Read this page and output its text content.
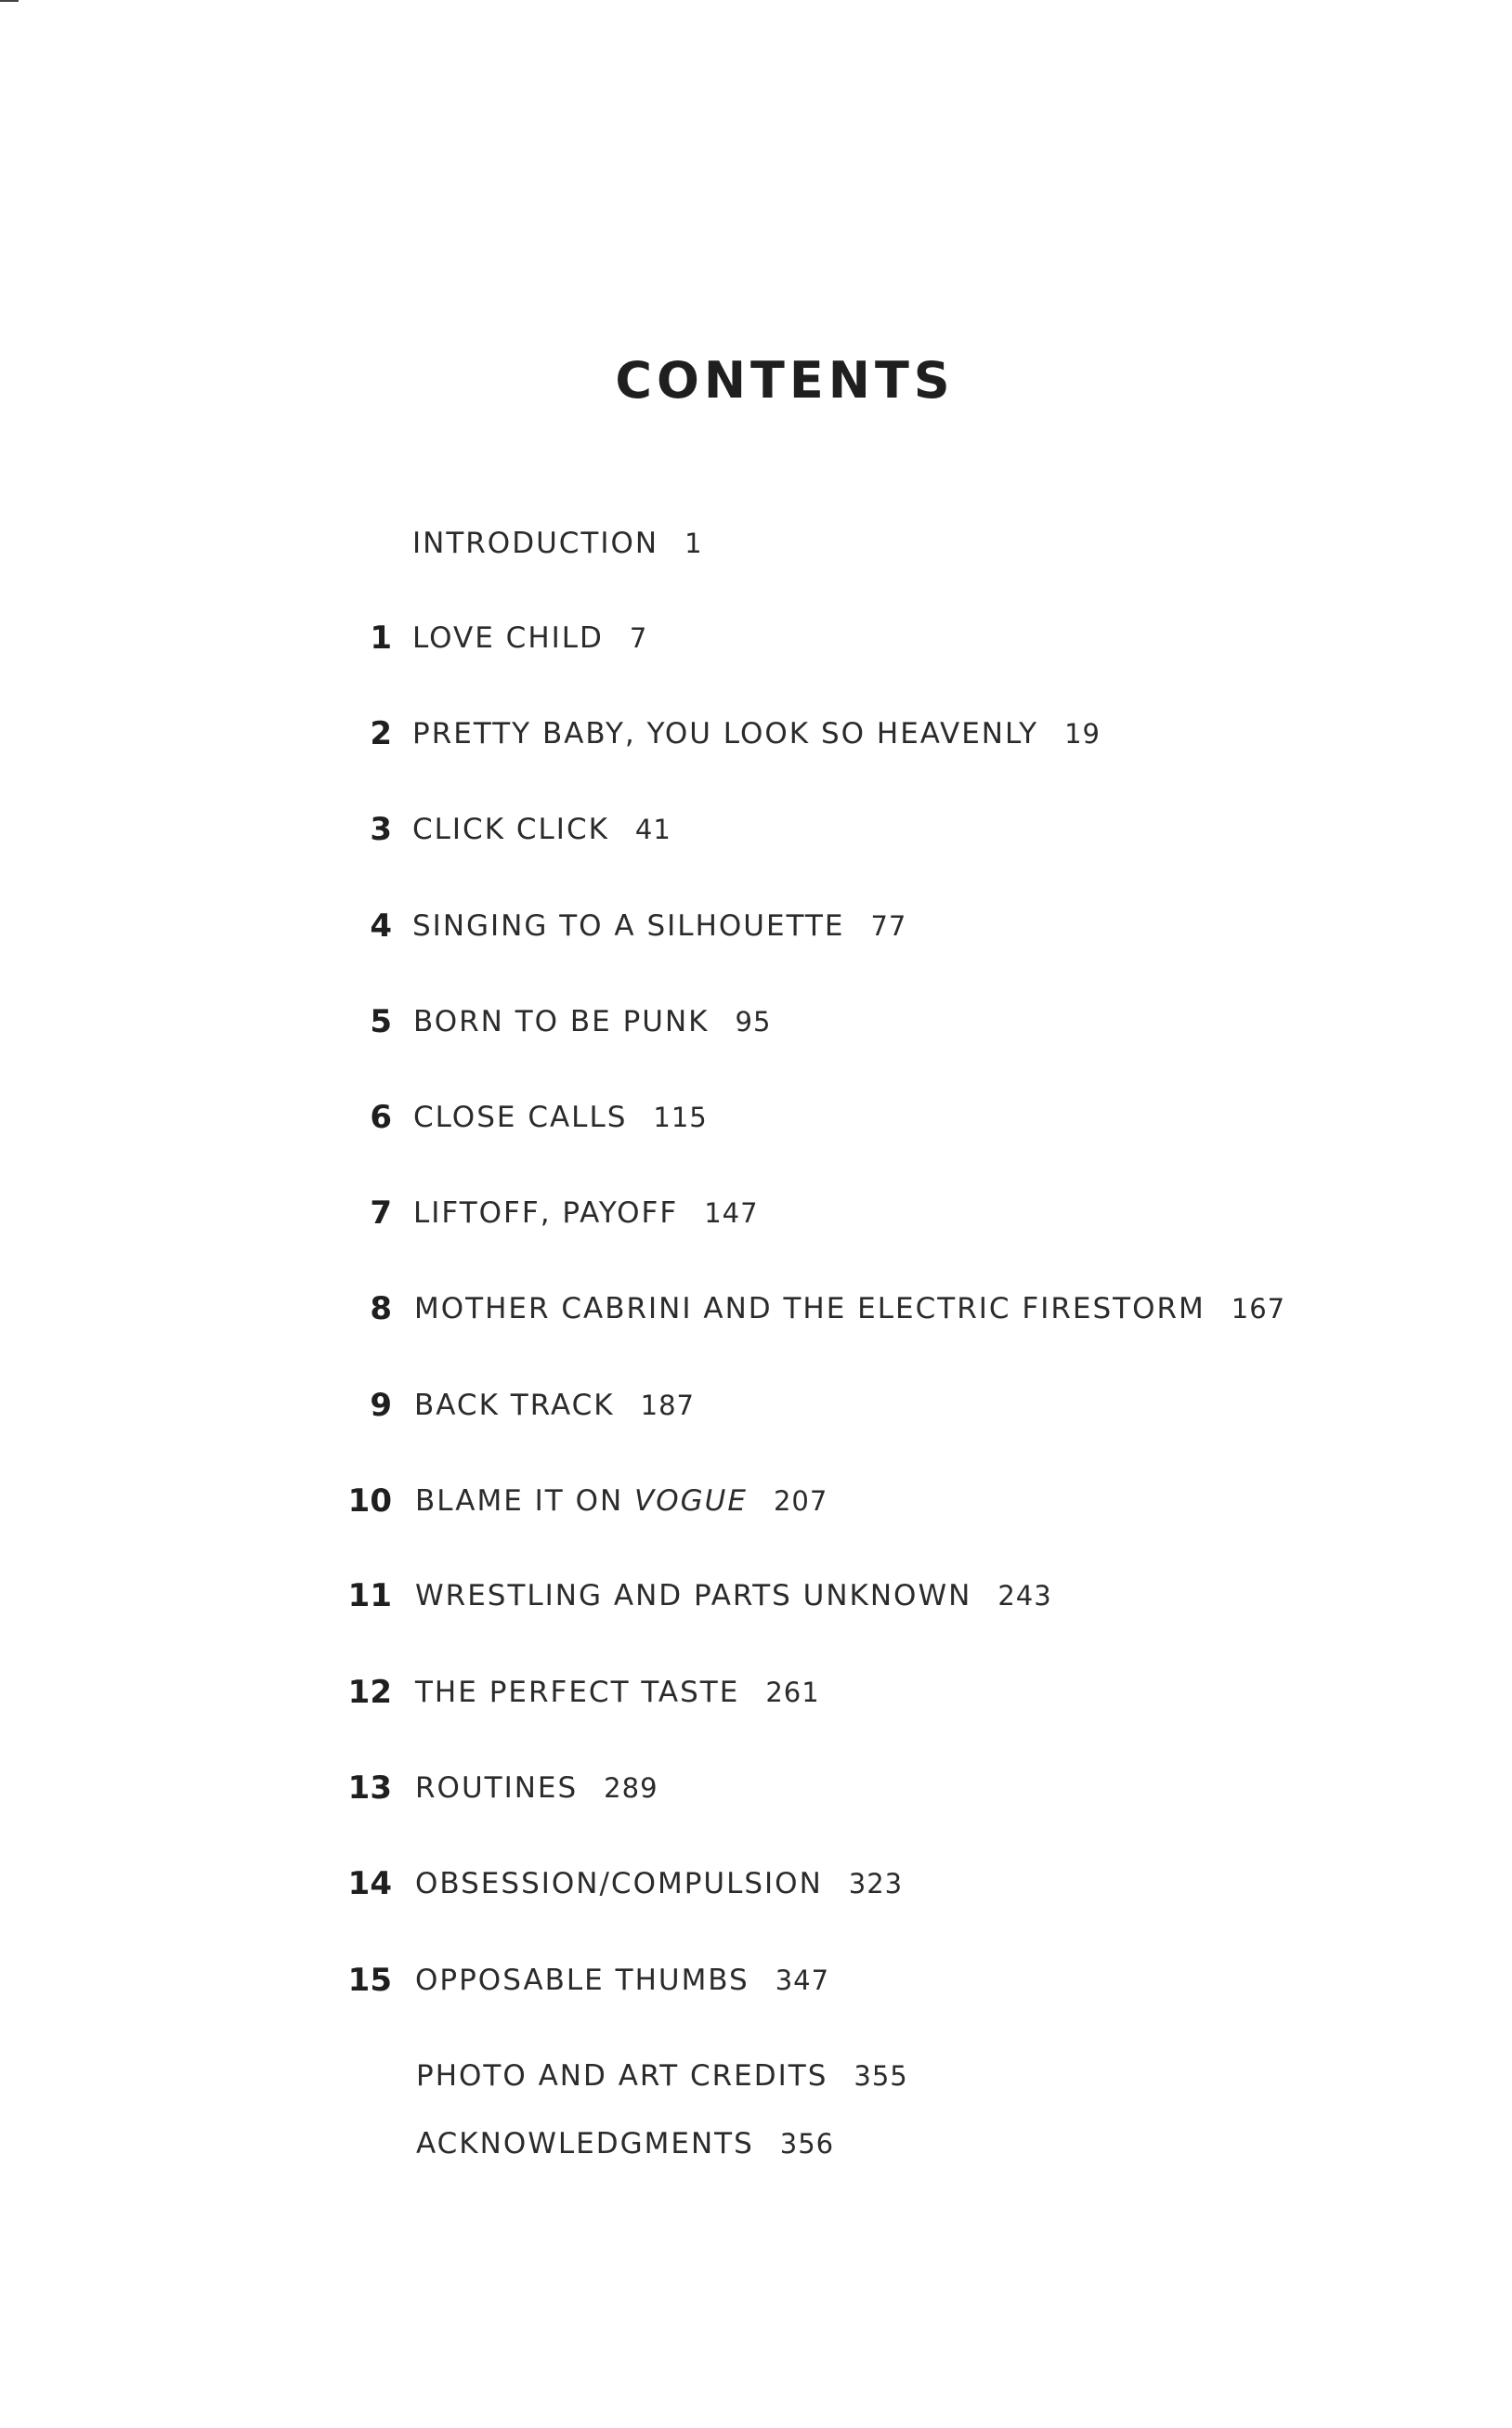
CONTENTS
INTRODUCTION 1
1 LOVE CHILD 7
2 PRETTY BABY, YOU LOOK SO HEAVENLY 19
3 CLICK CLICK 41
4 SINGING TO A SILHOUETTE 77
5 BORN TO BE PUNK 95
6 CLOSE CALLS 115
7 LIFTOFF, PAYOFF 147
8 MOTHER CABRINI AND THE ELECTRIC FIRESTORM 167
9 BACK TRACK 187
10 BLAME IT ON VOGUE 207
11 WRESTLING AND PARTS UNKNOWN 243
12 THE PERFECT TASTE 261
13 ROUTINES 289
14 OBSESSION/COMPULSION 323
15 OPPOSABLE THUMBS 347
PHOTO AND ART CREDITS 355
ACKNOWLEDGMENTS 356
